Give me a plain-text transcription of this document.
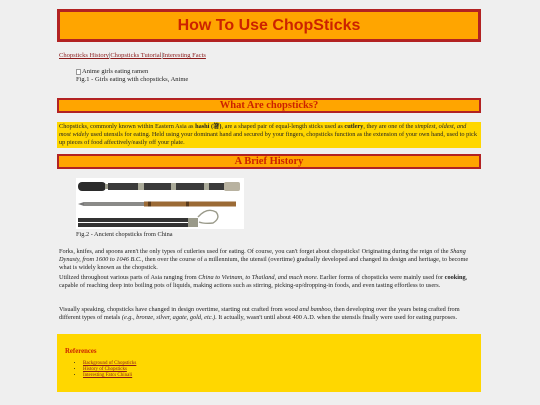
How To Use ChopSticks
Chopsticks History|Chopsticks Tutorial|Interesting Facts
Anime girls eating ramen
Fig.1 - Girls eating with chopsticks, Anime
What Are chopsticks?
Chopsticks, commonly known within Eastern Asia as hashi (箸), are a shaped pair of equal-length sticks used as cutlery, they are one of the simplest, oldest, and most widely used utensils for eating. Held using your dominant hand and secured by your fingers, chopsticks function as the extension of your own hand, used to pick up pieces of food affectively/easily off your plate.
A Brief History
Fig.2 - Ancient chopsticks from China

Forks, knifes, and spoons aren't the only types of cutleries used for eating. Of course, you can't forget about chopsticks! Originating during the reign of the Shang Dynasty, from 1600 to 1046 B.C., then over the course of a millennium, the utensil (overtime) gradually developed and changed its design and heritage, to become what is widely known as the chopstick.

Utilized throughout various parts of Asia ranging from China to Vietnam, to Thailand, and much more. Earlier forms of chopsticks were mainly used for cooking, capable of reaching deep into boiling pots of liquids, making actions such as stirring, picking-up/dropping-in foods, and even tasting effortless to users.

Visually speaking, chopsticks have changed in design overtime, starting out crafted from wood and bamboo, then developing over the years being crafted from different types of metals (e.g., bronze, silver, agate, gold, etc.). It actually, wasn't until about 400 A.D. when the utensils finally were used for eating purposes.

References
• Background of Chopsticks
• History of Chopsticks
• Interesting Fatcs Chinali
